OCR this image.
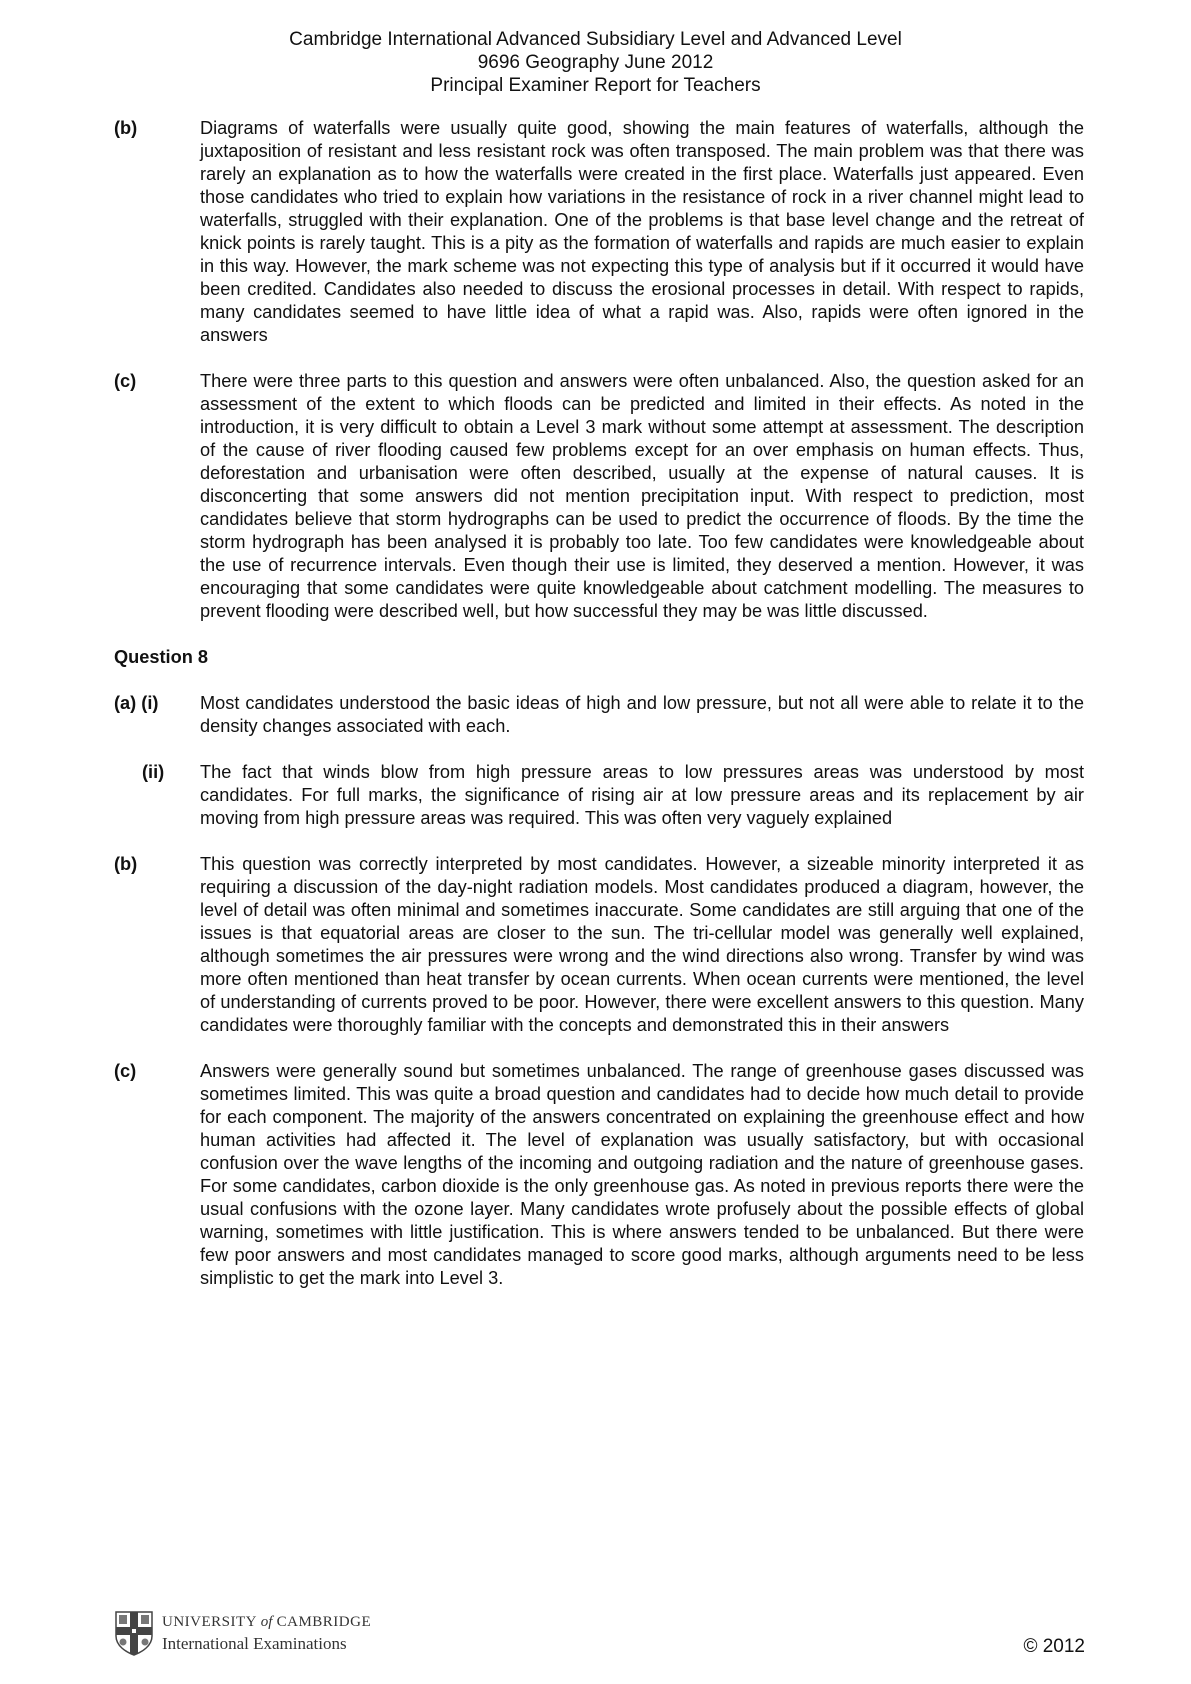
Cambridge International Advanced Subsidiary Level and Advanced Level
9696 Geography June 2012
Principal Examiner Report for Teachers
(b)	Diagrams of waterfalls were usually quite good, showing the main features of waterfalls, although the juxtaposition of resistant and less resistant rock was often transposed. The main problem was that there was rarely an explanation as to how the waterfalls were created in the first place. Waterfalls just appeared. Even those candidates who tried to explain how variations in the resistance of rock in a river channel might lead to waterfalls, struggled with their explanation. One of the problems is that base level change and the retreat of knick points is rarely taught. This is a pity as the formation of waterfalls and rapids are much easier to explain in this way. However, the mark scheme was not expecting this type of analysis but if it occurred it would have been credited. Candidates also needed to discuss the erosional processes in detail. With respect to rapids, many candidates seemed to have little idea of what a rapid was. Also, rapids were often ignored in the answers
(c)	There were three parts to this question and answers were often unbalanced. Also, the question asked for an assessment of the extent to which floods can be predicted and limited in their effects. As noted in the introduction, it is very difficult to obtain a Level 3 mark without some attempt at assessment. The description of the cause of river flooding caused few problems except for an over emphasis on human effects. Thus, deforestation and urbanisation were often described, usually at the expense of natural causes. It is disconcerting that some answers did not mention precipitation input. With respect to prediction, most candidates believe that storm hydrographs can be used to predict the occurrence of floods. By the time the storm hydrograph has been analysed it is probably too late. Too few candidates were knowledgeable about the use of recurrence intervals. Even though their use is limited, they deserved a mention. However, it was encouraging that some candidates were quite knowledgeable about catchment modelling. The measures to prevent flooding were described well, but how successful they may be was little discussed.
Question 8
(a) (i)	Most candidates understood the basic ideas of high and low pressure, but not all were able to relate it to the density changes associated with each.
(ii)	The fact that winds blow from high pressure areas to low pressures areas was understood by most candidates. For full marks, the significance of rising air at low pressure areas and its replacement by air moving from high pressure areas was required. This was often very vaguely explained
(b)	This question was correctly interpreted by most candidates. However, a sizeable minority interpreted it as requiring a discussion of the day-night radiation models. Most candidates produced a diagram, however, the level of detail was often minimal and sometimes inaccurate. Some candidates are still arguing that one of the issues is that equatorial areas are closer to the sun. The tri-cellular model was generally well explained, although sometimes the air pressures were wrong and the wind directions also wrong. Transfer by wind was more often mentioned than heat transfer by ocean currents. When ocean currents were mentioned, the level of understanding of currents proved to be poor. However, there were excellent answers to this question. Many candidates were thoroughly familiar with the concepts and demonstrated this in their answers
(c)	Answers were generally sound but sometimes unbalanced. The range of greenhouse gases discussed was sometimes limited. This was quite a broad question and candidates had to decide how much detail to provide for each component. The majority of the answers concentrated on explaining the greenhouse effect and how human activities had affected it. The level of explanation was usually satisfactory, but with occasional confusion over the wave lengths of the incoming and outgoing radiation and the nature of greenhouse gases. For some candidates, carbon dioxide is the only greenhouse gas. As noted in previous reports there were the usual confusions with the ozone layer. Many candidates wrote profusely about the possible effects of global warning, sometimes with little justification. This is where answers tended to be unbalanced. But there were few poor answers and most candidates managed to score good marks, although arguments need to be less simplistic to get the mark into Level 3.
UNIVERSITY of CAMBRIDGE
International Examinations	© 2012
